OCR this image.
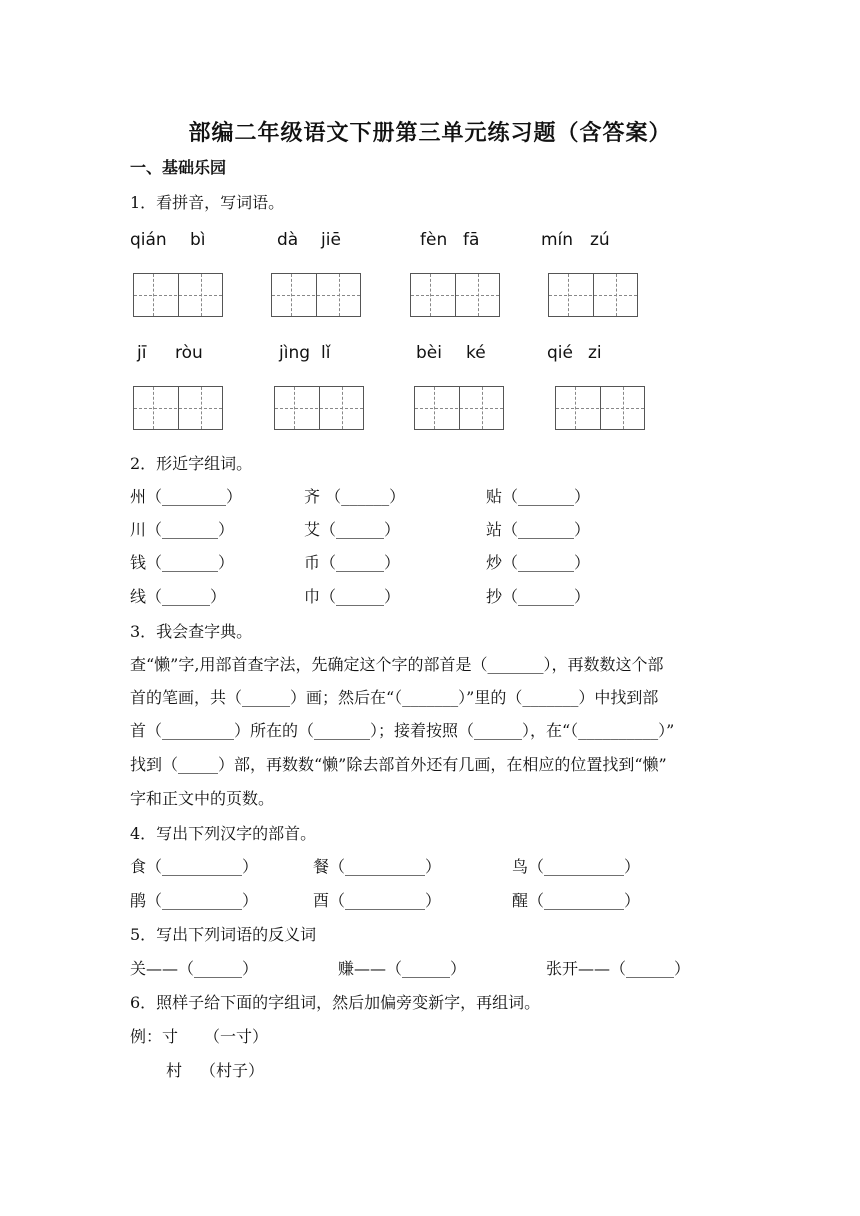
部编二年级语文下册第三单元练习题（含答案）
一、基础乐园
1．看拼音，写词语。
qián bì	dà jiē	fèn fā	mín zú
jī ròu	jìng lǐ	bèi ké	qié zi
2．形近字组词。
州（________）	齐 （______）	贴（_______）
川（_______）	艾（______）	站（_______）
钱（_______）	币（______）	炒（_______）
线（______）	巾（______）	抄（_______）
3．我会查字典。
查“懒”字,用部首查字法，先确定这个字的部首是（_______），再数数这个部
首的笔画，共（______）画；然后在“（_______）”里的（_______）中找到部
首（_________）所在的（_______）；接着按照（______），在“（__________）”
找到（_____）部，再数数“懒”除去部首外还有几画，在相应的位置找到“懒”
字和正文中的页数。
4．写出下列汉字的部首。
食（__________）	餐（__________）	鸟（__________）
鹃（__________）	酉（__________）	醒（__________）
5．写出下列词语的反义词
关——（______）	赚——（______）	张开——（______）
6．照样子给下面的字组词，然后加偏旁变新字，再组词。
例：寸 （一寸）
村 （村子）
